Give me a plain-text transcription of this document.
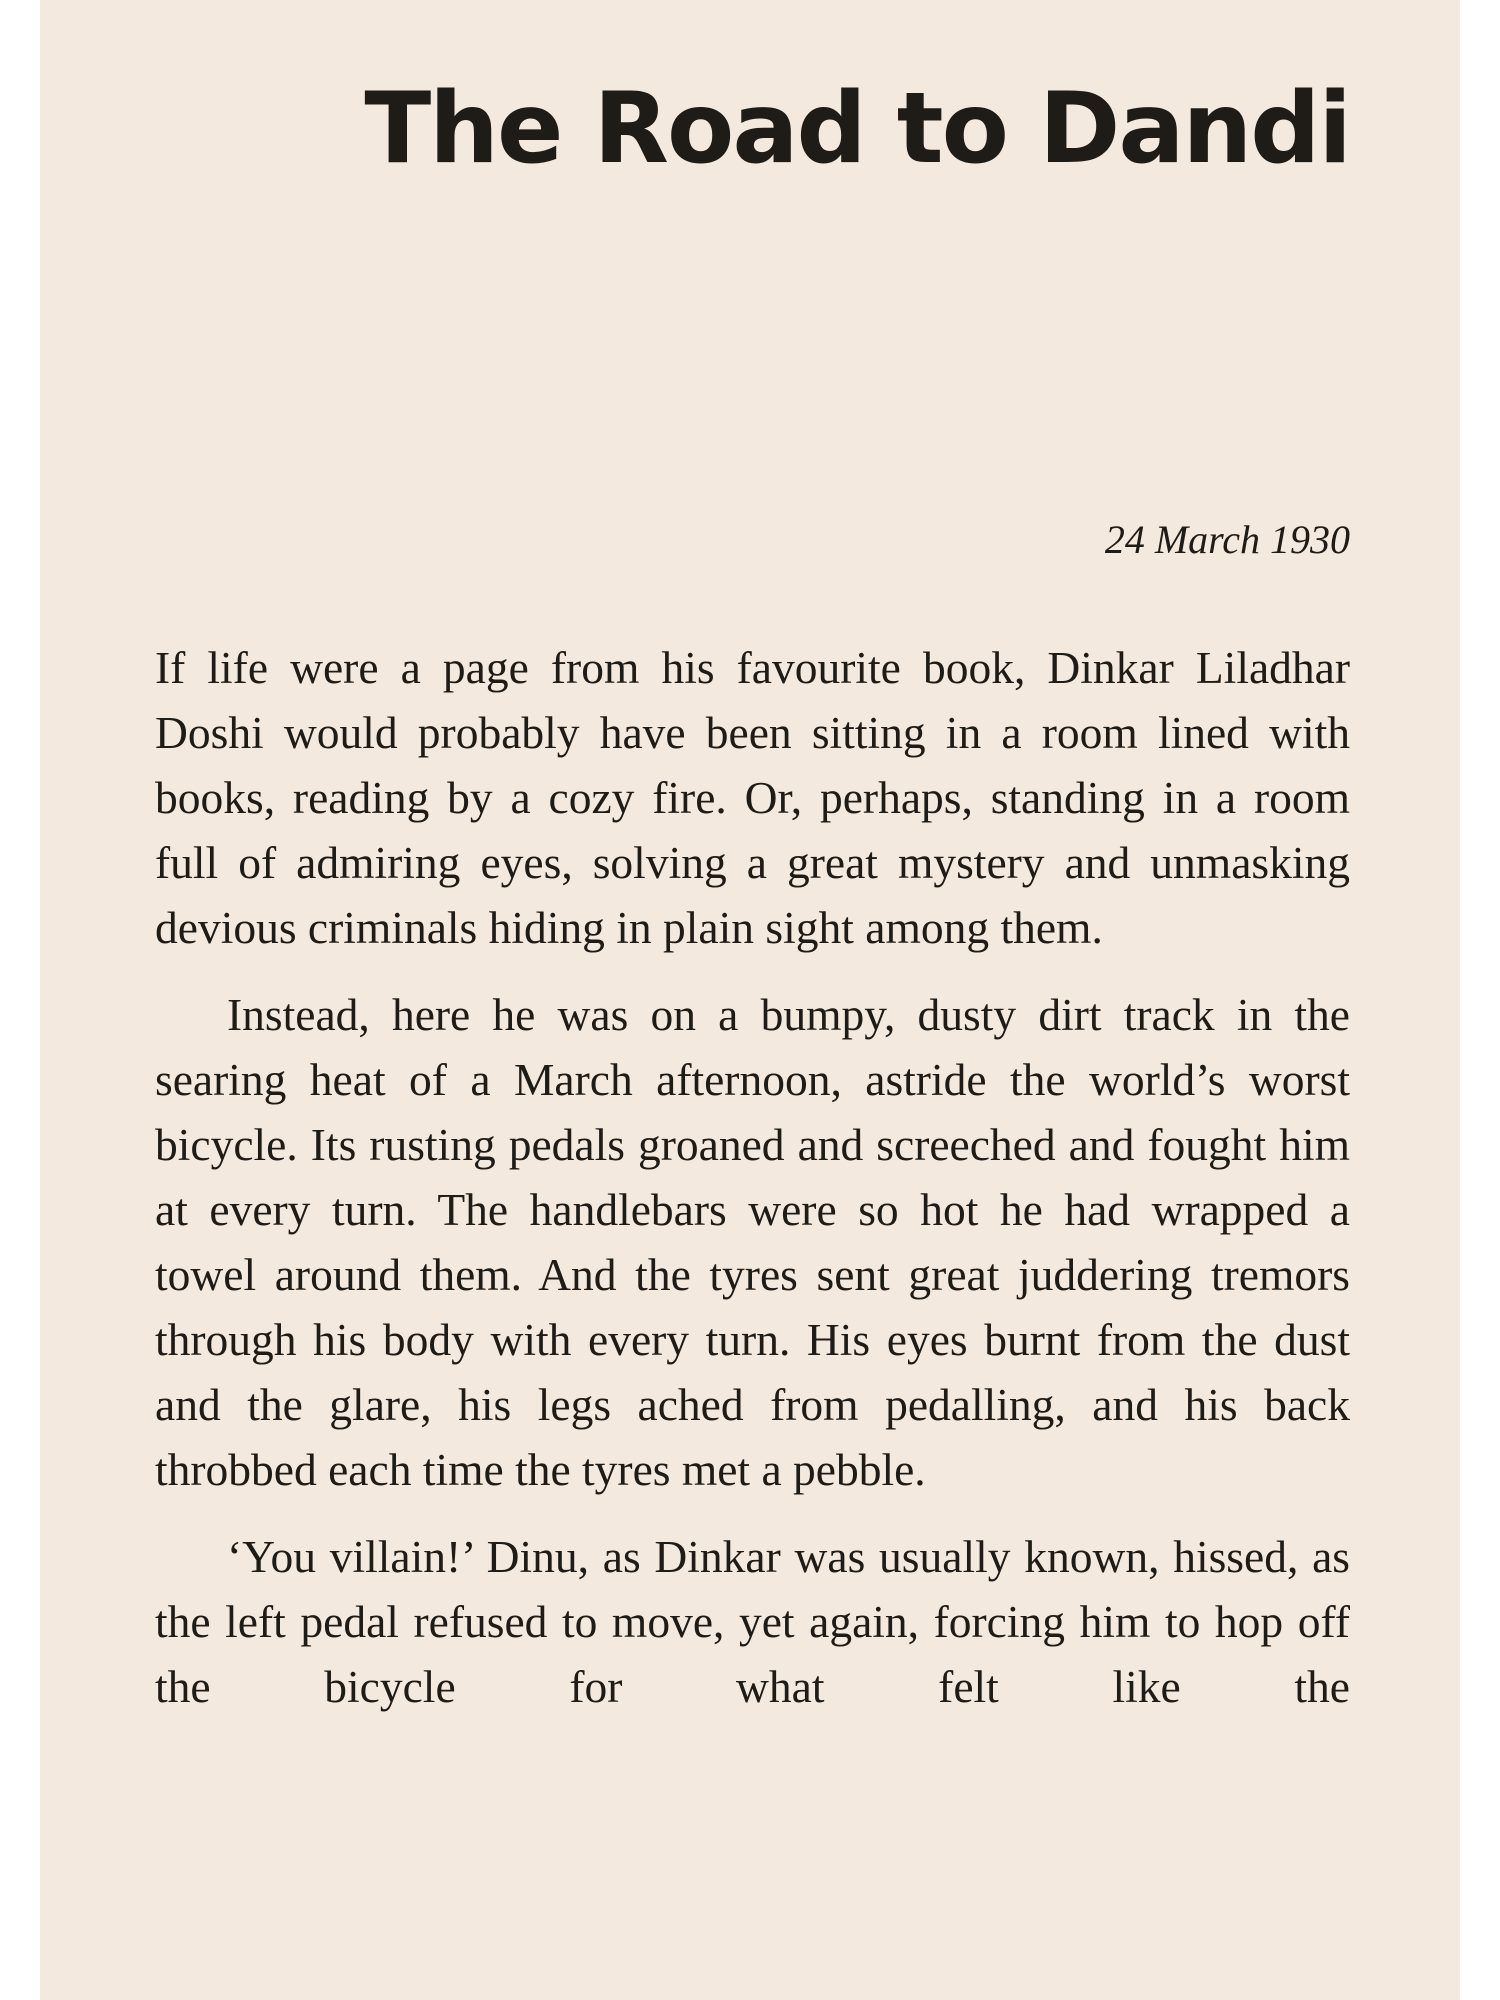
The Road to Dandi
24 March 1930

If life were a page from his favourite book, Dinkar Liladhar Doshi would probably have been sitting in a room lined with books, reading by a cozy fire. Or, perhaps, standing in a room full of admiring eyes, solving a great mystery and unmasking devious criminals hiding in plain sight among them.

Instead, here he was on a bumpy, dusty dirt track in the searing heat of a March afternoon, astride the world’s worst bicycle. Its rusting pedals groaned and screeched and fought him at every turn. The handlebars were so hot he had wrapped a towel around them. And the tyres sent great juddering tremors through his body with every turn. His eyes burnt from the dust and the glare, his legs ached from pedalling, and his back throbbed each time the tyres met a pebble.

‘You villain!’ Dinu, as Dinkar was usually known, hissed, as the left pedal refused to move, yet again, forcing him to hop off the bicycle for what felt like the
